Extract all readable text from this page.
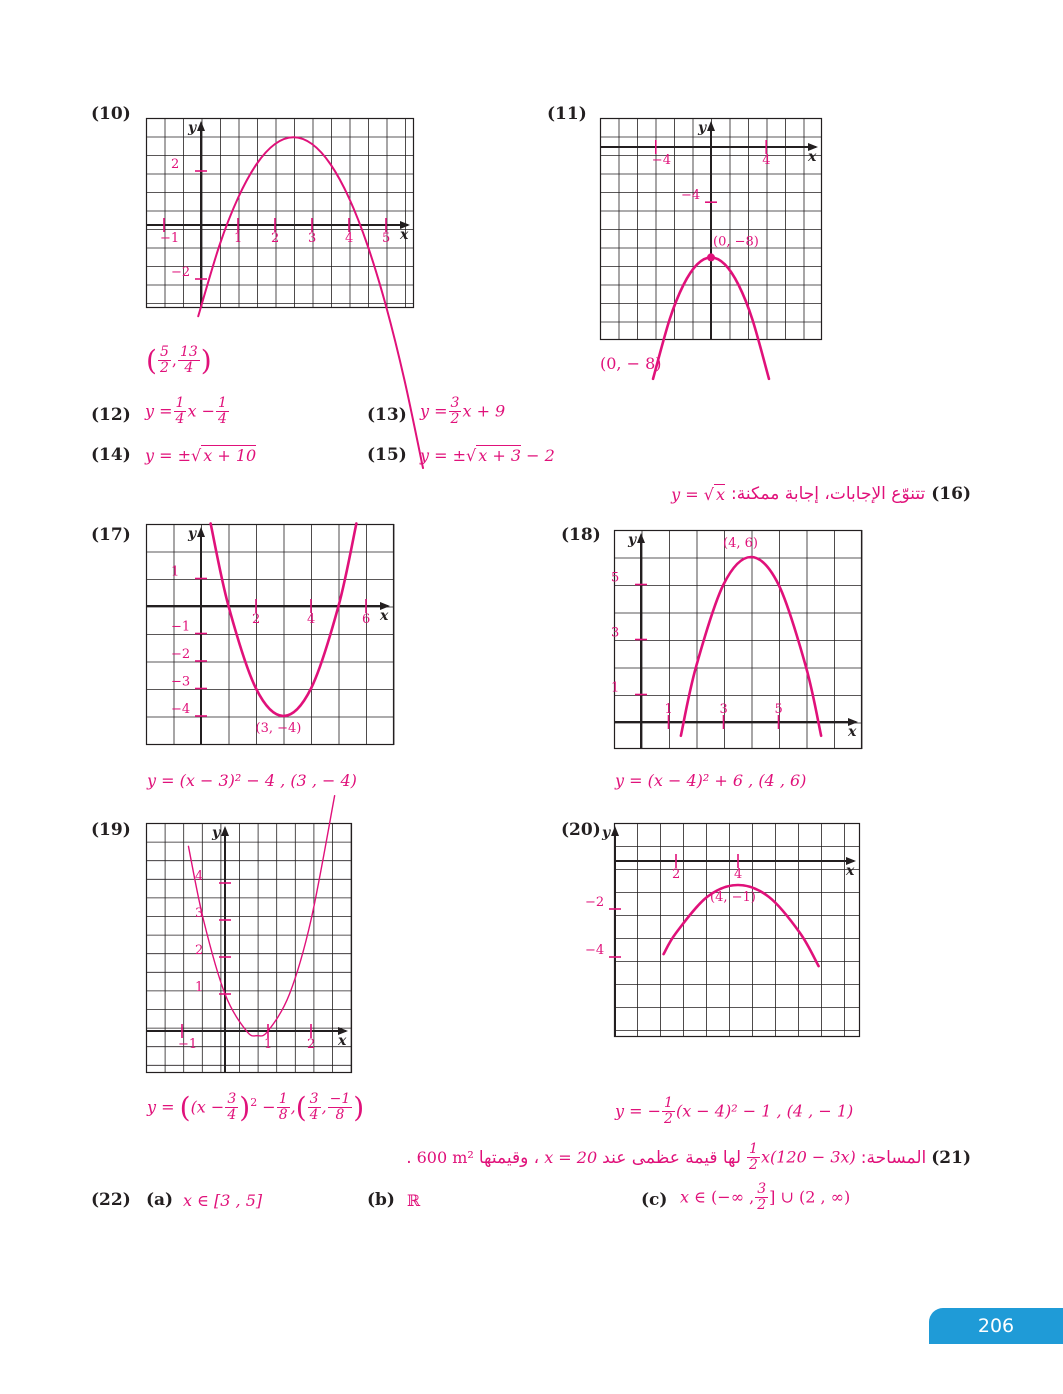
(10)
x
y
−1	1 2 3 4 5
2
−2
( $\frac{5}{2}$ , $\frac{13}{4}$ )
(11)
x
y
−4	4
−4
(0, −8)
(0, − 8)
(12) $y = \frac{1}{4}$ $x - \frac{1}{4}$	(13) $y = \frac{3}{2}$ x + 9
(14) y = ±√ x + 10	(15) y = ±√ x + 3 − 2
(16)
تتنوّع الإجابات، إجابة ممكنة:
y = √ x
(17)
x
y
2	4	6
1
−1
−2
−3
−4
(3, −4)
y = (x − 3)² − 4 , (3 , − 4)
(18)
x
y
1	3	5
5
3
1
(4, 6)
y = (x − 4)² + 6 , (4 , 6)
(19)
x
y
−1	1	2
4
3
2
1
$y = ((x - \frac{3}{4} )^2 - \frac{1}{8}$ ,( $\frac{3}{4}$ , $\frac{-1}{8}$ )
(20)
x
y
2	4
−2
−4
(4, −1)
y = − $\frac{1}{2} (x - 4)^2 - 1$ , (4 , − 1)
(21)
المساحة:
$\frac{1}{2} x(120 - 3x)$
لها قيمة عظمى عند
x = 20
، وقيمتها
600 m²
.
(22) (a) x ∈ [3 , 5]	(b) ℝ	(c) x ∈ (−∞ , $\frac{3}{2}$ ] ∪ (2 , ∞)
206
